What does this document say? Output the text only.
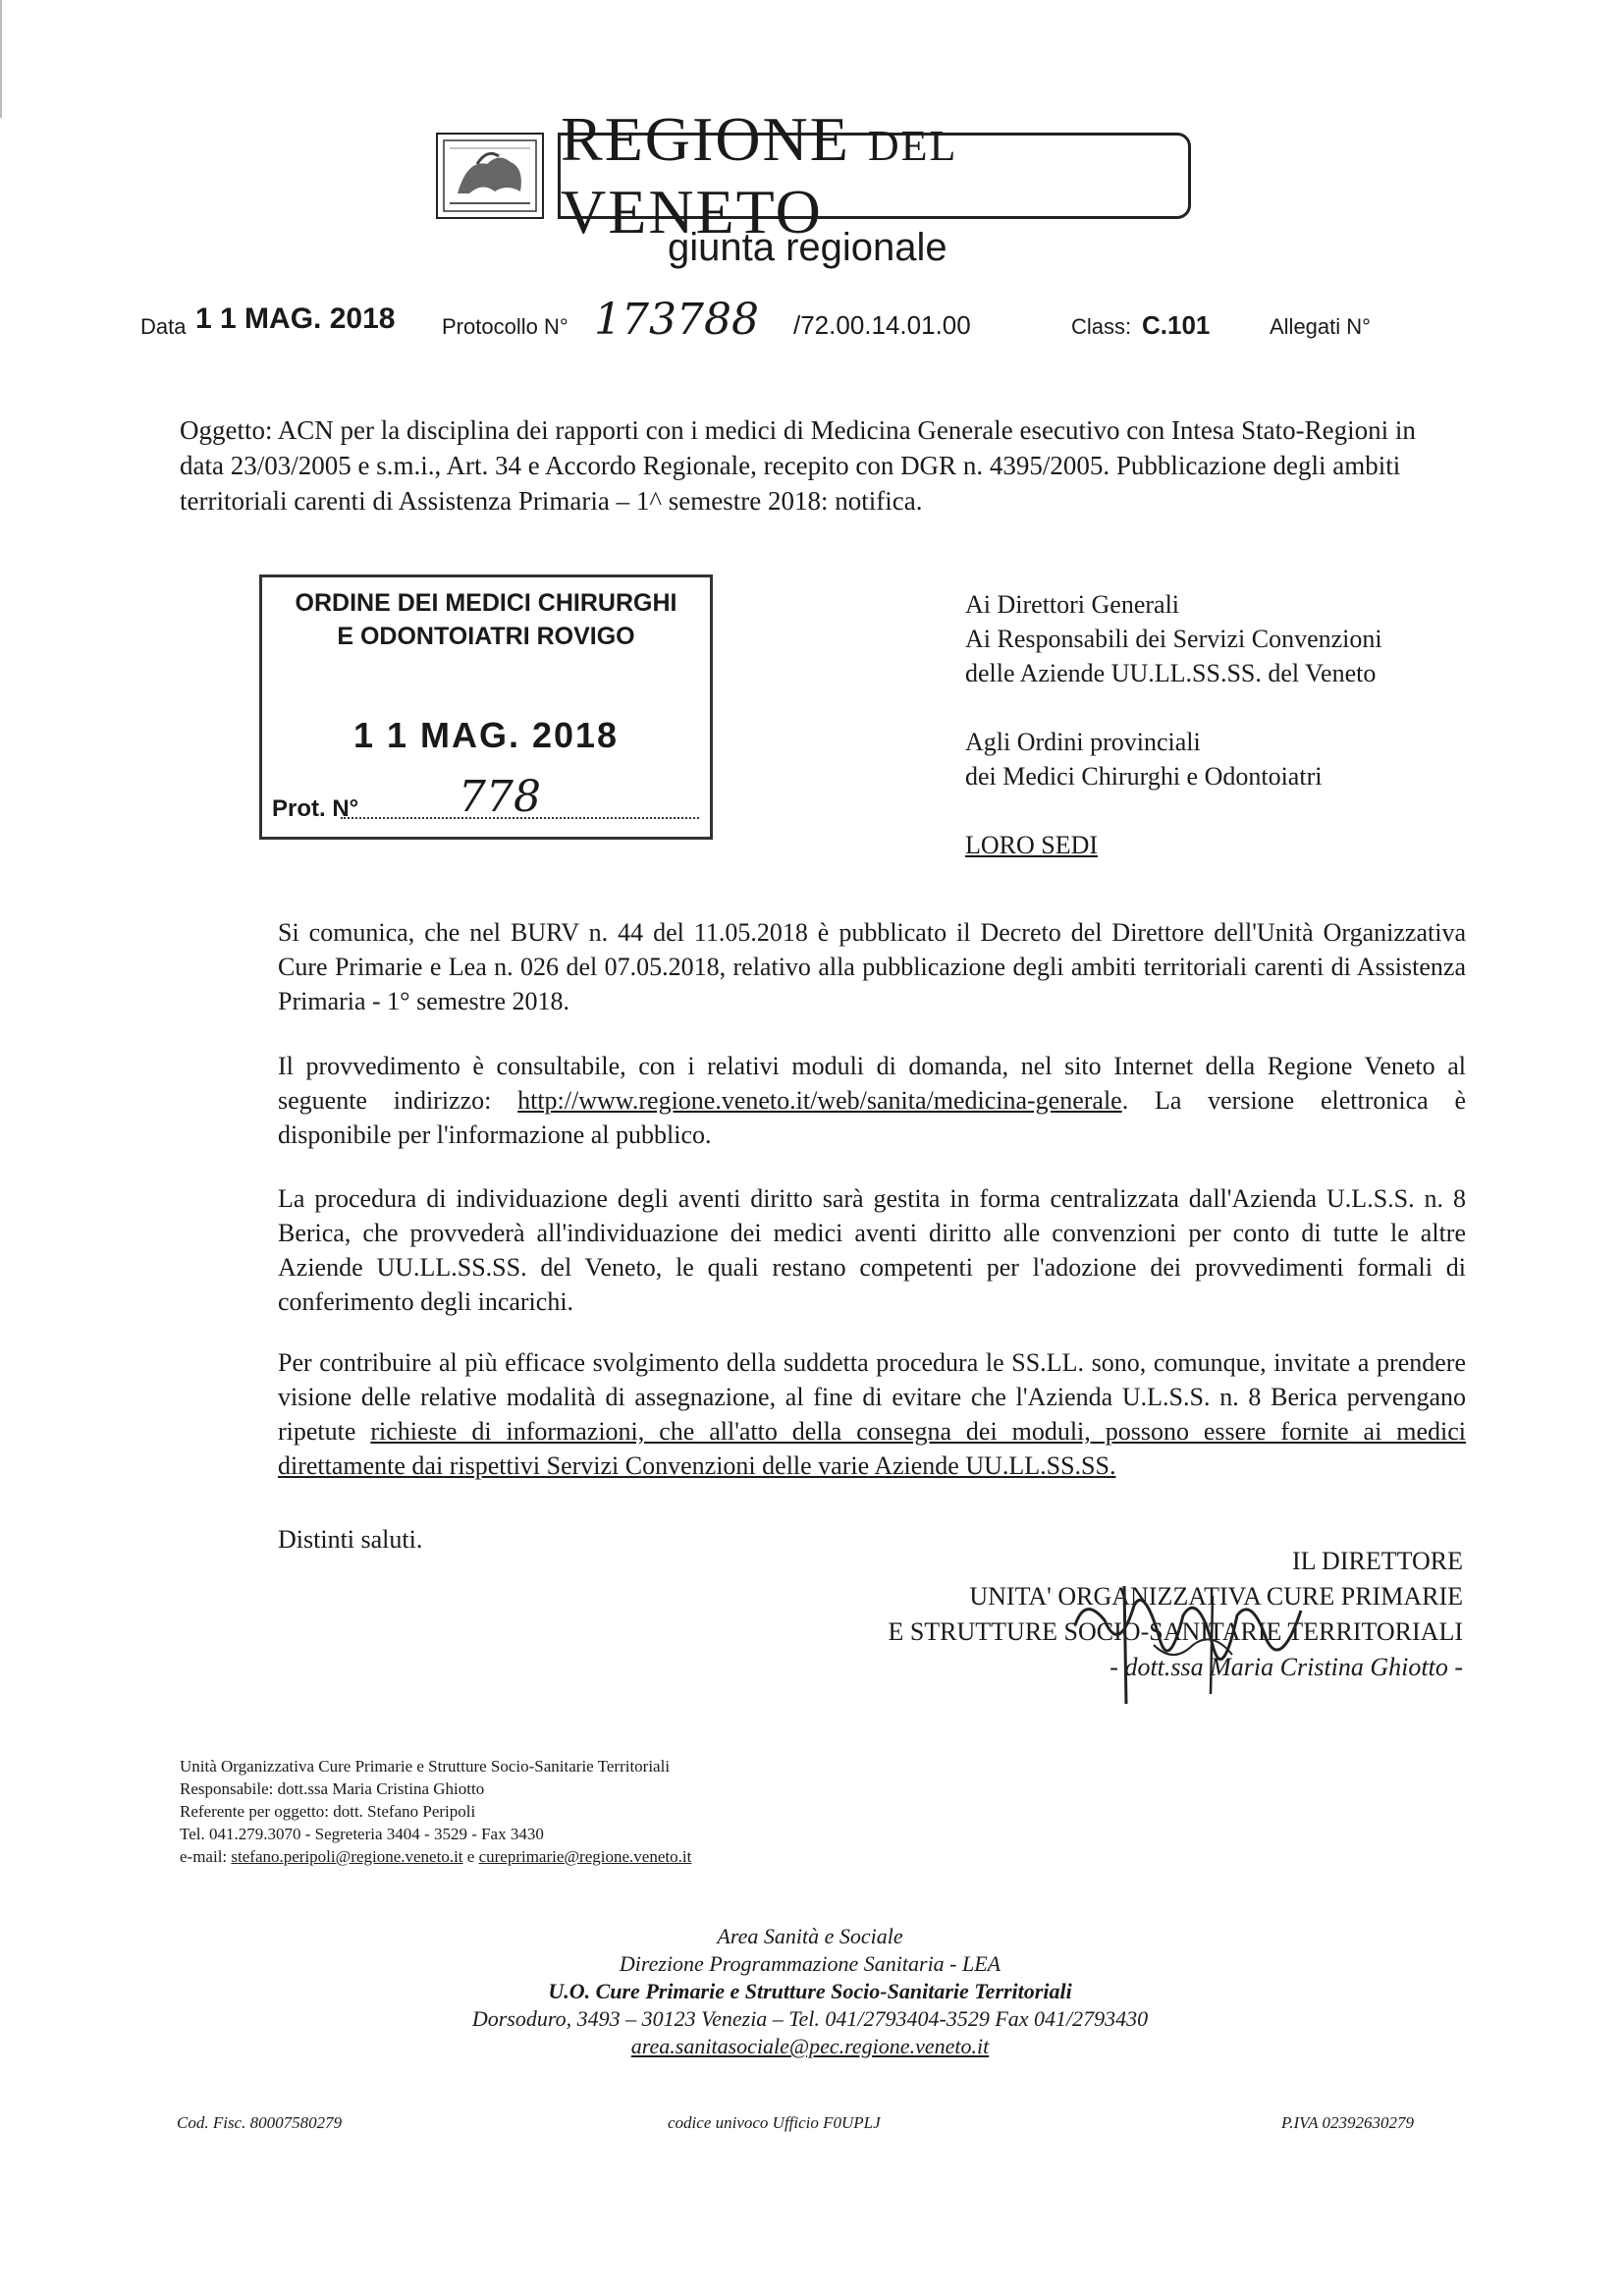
REGIONE DEL VENETO
giunta regionale
Data 1 1 MAG. 2018 Protocollo N° 173788 /72.00.14.01.00	Class: C.101	Allegati N°
Oggetto: ACN per la disciplina dei rapporti con i medici di Medicina Generale esecutivo con Intesa Stato-Regioni in data 23/03/2005 e s.m.i., Art. 34 e Accordo Regionale, recepito con DGR n. 4395/2005. Pubblicazione degli ambiti territoriali carenti di Assistenza Primaria – 1^ semestre 2018: notifica.
ORDINE DEI MEDICI CHIRURGHI
E ODONTOIATRI ROVIGO
1 1 MAG. 2018
Prot. N° 778
Ai Direttori Generali
Ai Responsabili dei Servizi Convenzioni
delle Aziende UU.LL.SS.SS. del Veneto
Agli Ordini provinciali
dei Medici Chirurghi e Odontoiatri
LORO SEDI
Si comunica, che nel BURV n. 44 del 11.05.2018 è pubblicato il Decreto del Direttore dell'Unità Organizzativa Cure Primarie e Lea n. 026 del 07.05.2018, relativo alla pubblicazione degli ambiti territoriali carenti di Assistenza Primaria - 1° semestre 2018.
Il provvedimento è consultabile, con i relativi moduli di domanda, nel sito Internet della Regione Veneto al seguente indirizzo: http://www.regione.veneto.it/web/sanita/medicina-generale. La versione elettronica è disponibile per l'informazione al pubblico.
La procedura di individuazione degli aventi diritto sarà gestita in forma centralizzata dall'Azienda U.L.S.S. n. 8 Berica, che provvederà all'individuazione dei medici aventi diritto alle convenzioni per conto di tutte le altre Aziende UU.LL.SS.SS. del Veneto, le quali restano competenti per l'adozione dei provvedimenti formali di conferimento degli incarichi.
Per contribuire al più efficace svolgimento della suddetta procedura le SS.LL. sono, comunque, invitate a prendere visione delle relative modalità di assegnazione, al fine di evitare che l'Azienda U.L.S.S. n. 8 Berica pervengano ripetute richieste di informazioni, che all'atto della consegna dei moduli, possono essere fornite ai medici direttamente dai rispettivi Servizi Convenzioni delle varie Aziende UU.LL.SS.SS.
Distinti saluti.
IL DIRETTORE
UNITA' ORGANIZZATIVA CURE PRIMARIE
E STRUTTURE SOCIO-SANITARIE TERRITORIALI
- dott.ssa Maria Cristina Ghiotto -
Unità Organizzativa Cure Primarie e Strutture Socio-Sanitarie Territoriali
Responsabile: dott.ssa Maria Cristina Ghiotto
Referente per oggetto: dott. Stefano Peripoli
Tel. 041.279.3070 - Segreteria 3404 - 3529 - Fax 3430
e-mail: stefano.peripoli@regione.veneto.it e cureprimarie@regione.veneto.it
Area Sanità e Sociale
Direzione Programmazione Sanitaria - LEA
U.O. Cure Primarie e Strutture Socio-Sanitarie Territoriali
Dorsoduro, 3493 – 30123 Venezia – Tel. 041/2793404-3529 Fax 041/2793430
area.sanitasociale@pec.regione.veneto.it
Cod. Fisc. 80007580279	codice univoco Ufficio F0UPLJ	P.IVA 02392630279
